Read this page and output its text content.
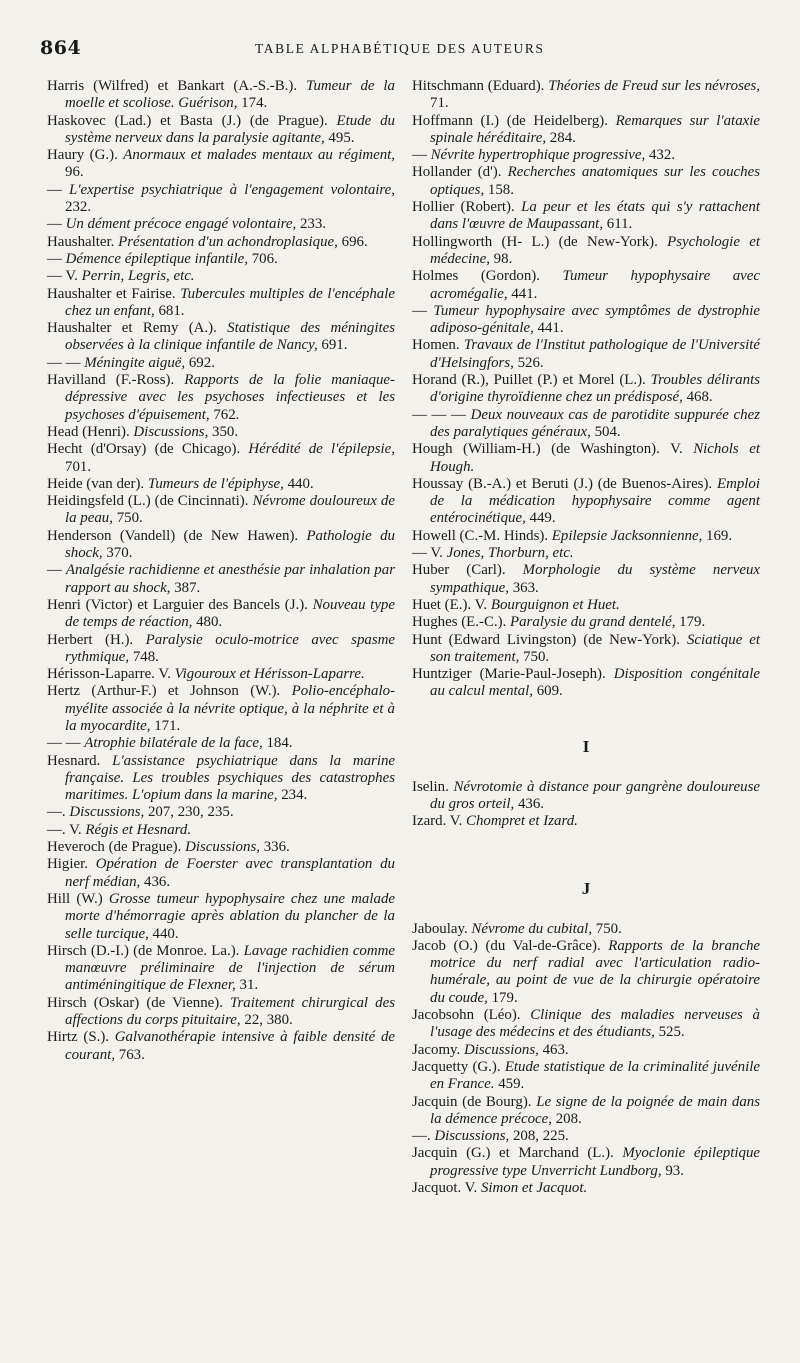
864	TABLE ALPHABÉTIQUE DES AUTEURS

Harris (Wilfred) et Bankart (A.-S.-B.). Tumeur de la moelle et scoliose. Guérison, 174.

Haskovec (Lad.) et Basta (J.) (de Prague). Etude du système nerveux dans la paralysie agitante, 495.

Haury (G.). Anormaux et malades mentaux au régiment, 96.

— L'expertise psychiatrique à l'engagement volontaire, 232.

— Un dément précoce engagé volontaire, 233.

Haushalter. Présentation d'un achondroplasique, 696.

— Démence épileptique infantile, 706.

— V. Perrin, Legris, etc.

Haushalter et Fairise. Tubercules multiples de l'encéphale chez un enfant, 681.

Haushalter et Remy (A.). Statistique des méningites observées à la clinique infantile de Nancy, 691.

— — Méningite aiguë, 692.

Havilland (F.-Ross). Rapports de la folie maniaque-dépressive avec les psychoses infectieuses et les psychoses d'épuisement, 762.

Head (Henri). Discussions, 350.

Hecht (d'Orsay) (de Chicago). Hérédité de l'épilepsie, 701.

Heide (van der). Tumeurs de l'épiphyse, 440.

Heidingsfeld (L.) (de Cincinnati). Névrome douloureux de la peau, 750.

Henderson (Vandell) (de New Hawen). Pathologie du shock, 370.

— Analgésie rachidienne et anesthésie par inhalation par rapport au shock, 387.

Henri (Victor) et Larguier des Bancels (J.). Nouveau type de temps de réaction, 480.

Herbert (H.). Paralysie oculo-motrice avec spasme rythmique, 748.

Hérisson-Laparre. V. Vigouroux et Hérisson-Laparre.

Hertz (Arthur-F.) et Johnson (W.). Polio-encéphalo-myélite associée à la névrite optique, à la néphrite et à la myocardite, 171.

— — Atrophie bilatérale de la face, 184.

Hesnard. L'assistance psychiatrique dans la marine française. Les troubles psychiques des catastrophes maritimes. L'opium dans la marine, 234.

—. Discussions, 207, 230, 235.

—. V. Régis et Hesnard.

Heveroch (de Prague). Discussions, 336.

Higier. Opération de Foerster avec transplantation du nerf médian, 436.

Hill (W.) Grosse tumeur hypophysaire chez une malade morte d'hémorragie après ablation du plancher de la selle turcique, 440.

Hirsch (D.-I.) (de Monroe. La.). Lavage rachidien comme manœuvre préliminaire de l'injection de sérum antiméningitique de Flexner, 31.

Hirsch (Oskar) (de Vienne). Traitement chirurgical des affections du corps pituitaire, 22, 380.

Hirtz (S.). Galvanothérapie intensive à faible densité de courant, 763.

Hitschmann (Eduard). Théories de Freud sur les névroses, 71.

Hoffmann (I.) (de Heidelberg). Remarques sur l'ataxie spinale héréditaire, 284.

— Névrite hypertrophique progressive, 432.

Hollander (d'). Recherches anatomiques sur les couches optiques, 158.

Hollier (Robert). La peur et les états qui s'y rattachent dans l'œuvre de Maupassant, 611.

Hollingworth (H- L.) (de New-York). Psychologie et médecine, 98.

Holmes (Gordon). Tumeur hypophysaire avec acromégalie, 441.

— Tumeur hypophysaire avec symptômes de dystrophie adiposo-génitale, 441.

Homen. Travaux de l'Institut pathologique de l'Université d'Helsingfors, 526.

Horand (R.), Puillet (P.) et Morel (L.). Troubles délirants d'origine thyroïdienne chez un prédisposé, 468.

— — — Deux nouveaux cas de parotidite suppurée chez des paralytiques généraux, 504.

Hough (William-H.) (de Washington). V. Nichols et Hough.

Houssay (B.-A.) et Beruti (J.) (de Buenos-Aires). Emploi de la médication hypophysaire comme agent entérocinétique, 449.

Howell (C.-M. Hinds). Epilepsie Jacksonnienne, 169.

— V. Jones, Thorburn, etc.

Huber (Carl). Morphologie du système nerveux sympathique, 363.

Huet (E.). V. Bourguignon et Huet.

Hughes (E.-C.). Paralysie du grand dentelé, 179.

Hunt (Edward Livingston) (de New-York). Sciatique et son traitement, 750.

Huntziger (Marie-Paul-Joseph). Disposition congénitale au calcul mental, 609.

I

Iselin. Névrotomie à distance pour gangrène douloureuse du gros orteil, 436.

Izard. V. Chompret et Izard.

J

Jaboulay. Névrome du cubital, 750.

Jacob (O.) (du Val-de-Grâce). Rapports de la branche motrice du nerf radial avec l'articulation radio-humérale, au point de vue de la chirurgie opératoire du coude, 179.

Jacobsohn (Léo). Clinique des maladies nerveuses à l'usage des médecins et des étudiants, 525.

Jacomy. Discussions, 463.

Jacquetty (G.). Etude statistique de la criminalité juvénile en France. 459.

Jacquin (de Bourg). Le signe de la poignée de main dans la démence précoce, 208.

—. Discussions, 208, 225.

Jacquin (G.) et Marchand (L.). Myoclonie épileptique progressive type Unverricht Lundborg, 93.

Jacquot. V. Simon et Jacquot.
